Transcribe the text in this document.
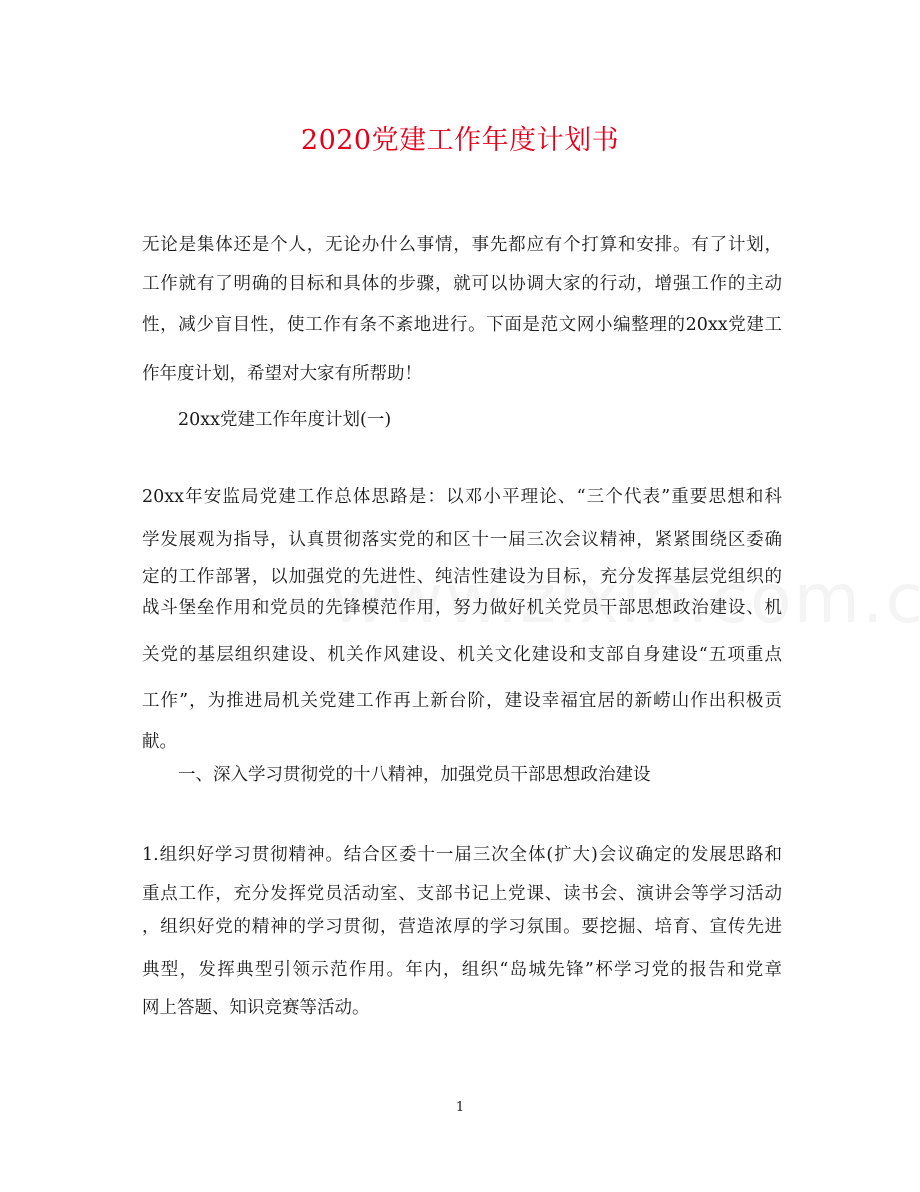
2020党建工作年度计划书
无论是集体还是个人，无论办什么事情，事先都应有个打算和安排。有了计划，
工作就有了明确的目标和具体的步骤，就可以协调大家的行动，增强工作的主动
性，减少盲目性，使工作有条不紊地进行。下面是范文网小编整理的20xx党建工
作年度计划，希望对大家有所帮助！
20xx党建工作年度计划(一)
20xx年安监局党建工作总体思路是：以邓小平理论、“三个代表”重要思想和科
学发展观为指导，认真贯彻落实党的和区十一届三次会议精神，紧紧围绕区委确
定的工作部署，以加强党的先进性、纯洁性建设为目标，充分发挥基层党组织的
战斗堡垒作用和党员的先锋模范作用，努力做好机关党员干部思想政治建设、机
关党的基层组织建设、机关作风建设、机关文化建设和支部自身建设“五项重点
工作”，为推进局机关党建工作再上新台阶，建设幸福宜居的新崂山作出积极贡
献。
一、深入学习贯彻党的十八精神，加强党员干部思想政治建设
1.组织好学习贯彻精神。结合区委十一届三次全体(扩大)会议确定的发展思路和
重点工作，充分发挥党员活动室、支部书记上党课、读书会、演讲会等学习活动
，组织好党的精神的学习贯彻，营造浓厚的学习氛围。要挖掘、培育、宣传先进
典型，发挥典型引领示范作用。年内，组织“岛城先锋”杯学习党的报告和党章
网上答题、知识竞赛等活动。
1
